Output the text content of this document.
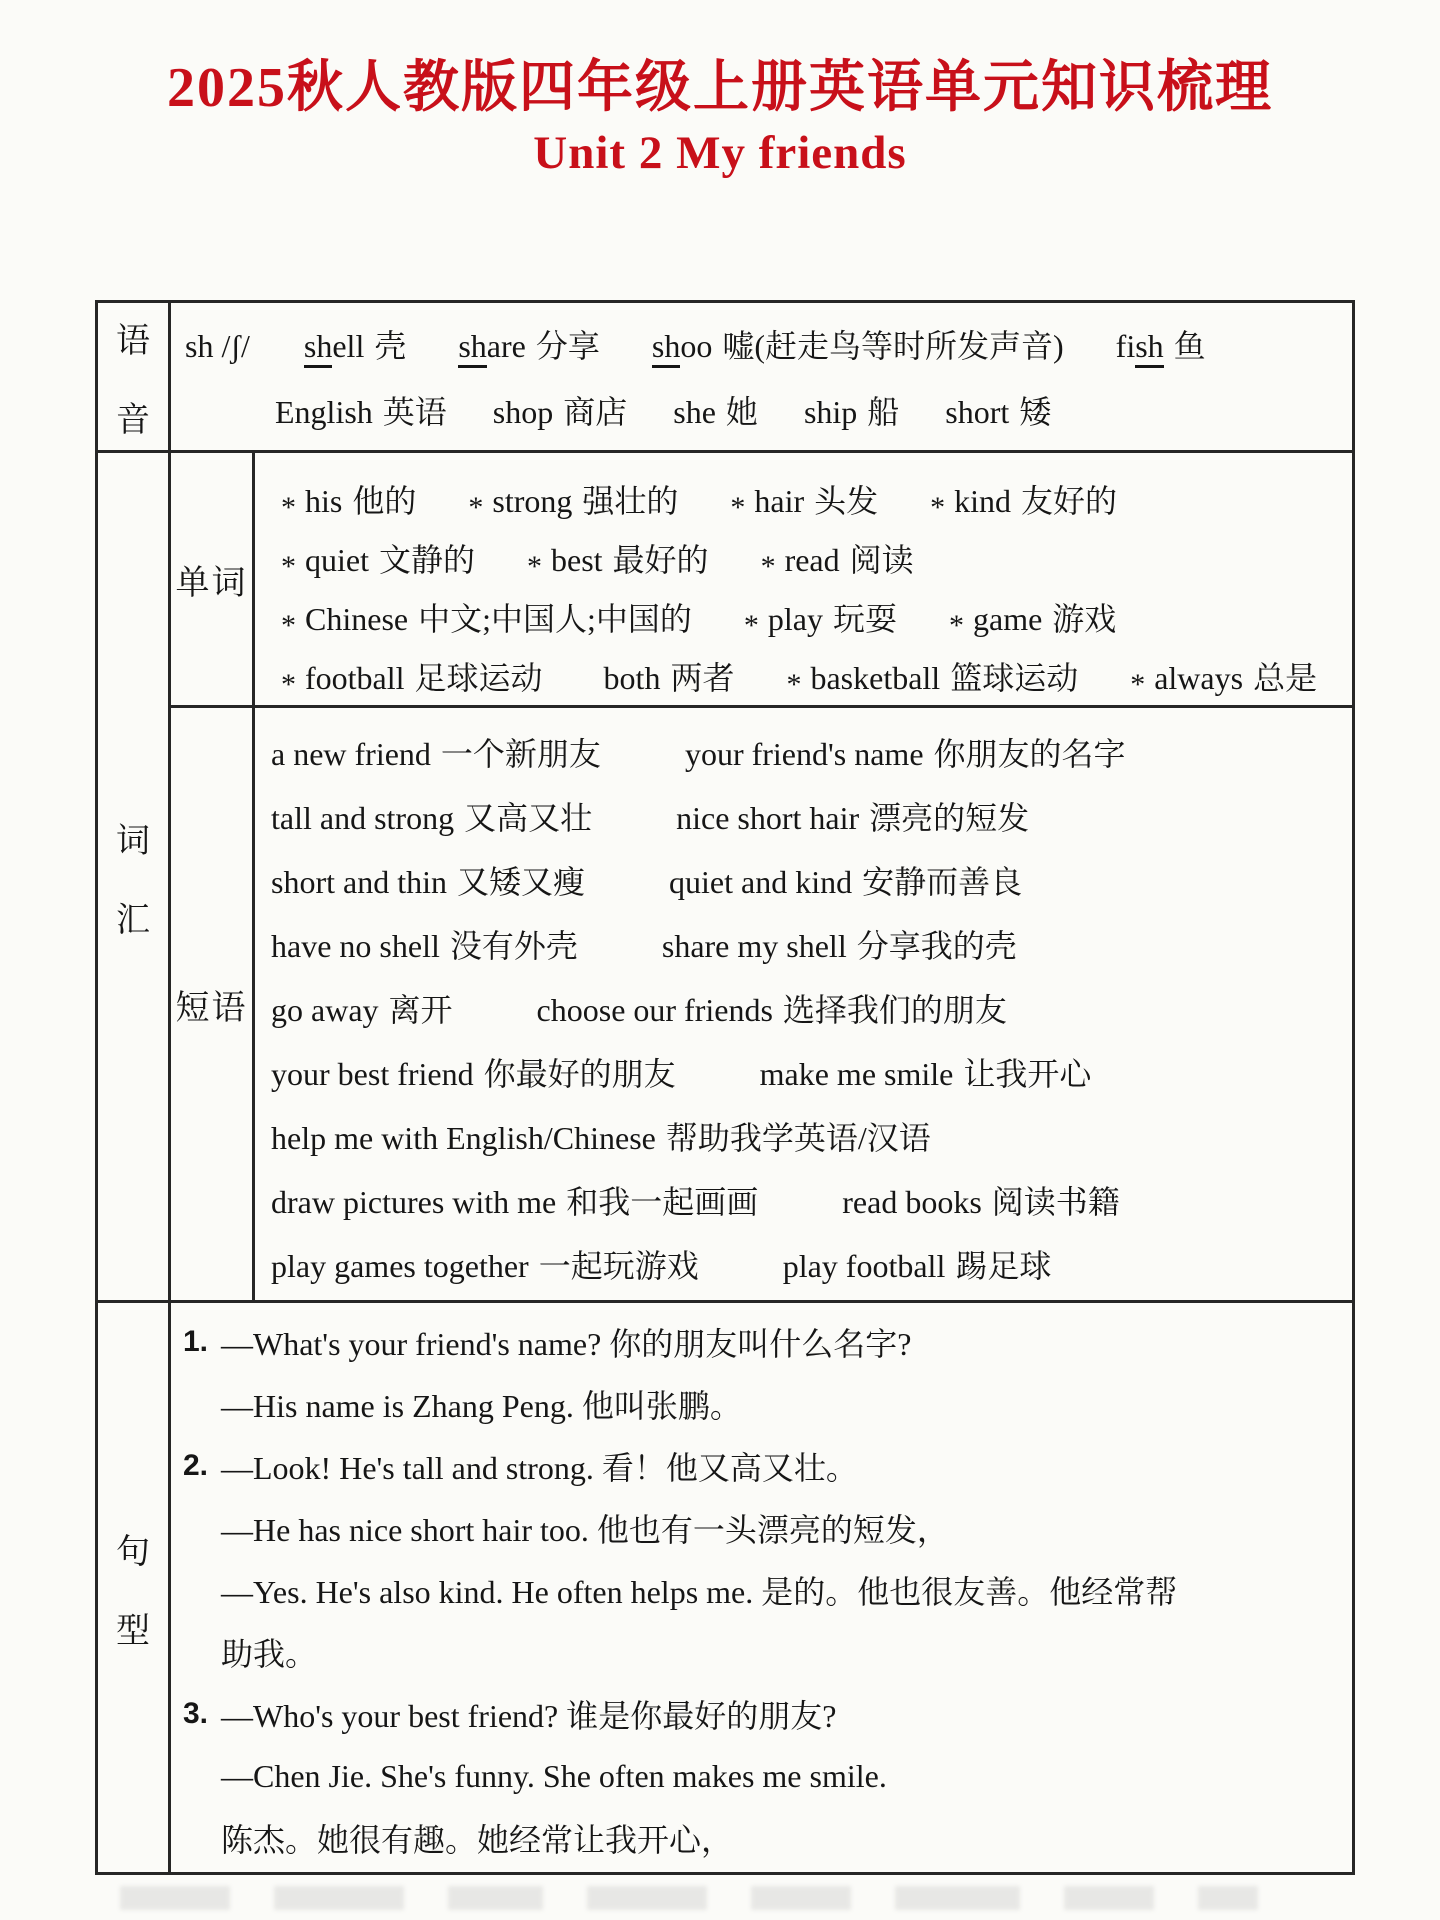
2025秋人教版四年级上册英语单元知识梳理
Unit 2 My friends
语
音
sh /ʃ/ shell 壳 share 分享 shoo 嘘(赶走鸟等时所发声音) fish 鱼
English 英语 shop 商店 she 她 ship 船 short 矮
词
汇
单词
* his 他的 * strong 强壮的 * hair 头发 * kind 友好的
* quiet 文静的 * best 最好的 * read 阅读
* Chinese 中文;中国人;中国的 * play 玩耍 * game 游戏
* football 足球运动 both 两者 * basketball 篮球运动 * always 总是
短语
a new friend 一个新朋友	your friend's name 你朋友的名字
tall and strong 又高又壮	nice short hair 漂亮的短发
short and thin 又矮又瘦	quiet and kind 安静而善良
have no shell 没有外壳	share my shell 分享我的壳
go away 离开	choose our friends 选择我们的朋友
your best friend 你最好的朋友	make me smile 让我开心
help me with English/Chinese 帮助我学英语/汉语
draw pictures with me 和我一起画画	read books 阅读书籍
play games together 一起玩游戏	play football 踢足球
句
型
1. —What's your friend's name? 你的朋友叫什么名字?
—His name is Zhang Peng. 他叫张鹏。
2. —Look! He's tall and strong. 看！他又高又壮。
—He has nice short hair too. 他也有一头漂亮的短发，
—Yes. He's also kind. He often helps me. 是的。他也很友善。他经常帮
助我。
3. —Who's your best friend? 谁是你最好的朋友?
—Chen Jie. She's funny. She often makes me smile.
陈杰。她很有趣。她经常让我开心，
